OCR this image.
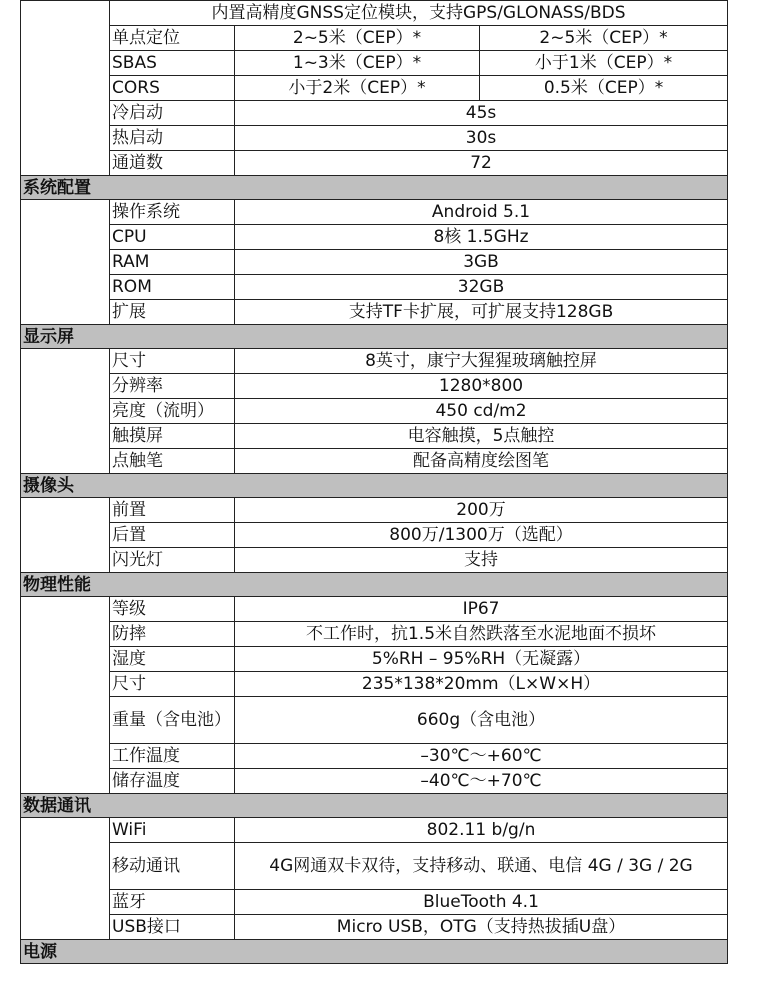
	内置高精度GNSS定位模块，支持GPS/GLONASS/BDS		
	单点定位	2~5米（CEP）*	2~5米（CEP）*
	SBAS	1~3米（CEP）*	小于1米（CEP）*
	CORS	小于2米（CEP）*	0.5米（CEP）*
	冷启动	45s	
	热启动	30s	
	通道数	72	
系统配置			
	操作系统	Android 5.1	
	CPU	8核 1.5GHz	
	RAM	3GB	
	ROM	32GB	
	扩展	支持TF卡扩展，可扩展支持128GB	
显示屏			
	尺寸	8英寸，康宁大猩猩玻璃触控屏	
	分辨率	1280*800	
	亮度（流明）	450 cd/m2	
	触摸屏	电容触摸，5点触控	
	点触笔	配备高精度绘图笔	
摄像头			
	前置	200万	
	后置	800万/1300万（选配）	
	闪光灯	支持	
物理性能			
	等级	IP67	
	防摔	不工作时，抗1.5米自然跌落至水泥地面不损坏	
	湿度	5%RH – 95%RH（无凝露）	
	尺寸	235*138*20mm（L×W×H）	
	重量（含电池）	660g（含电池）	
	工作温度	–30℃～+60℃	
	储存温度	–40℃～+70℃	
数据通讯			
	WiFi	802.11 b/g/n	
	移动通讯	4G网通双卡双待，支持移动、联通、电信 4G / 3G / 2G	
	蓝牙	BlueTooth 4.1	
	USB接口	Micro USB，OTG（支持热拔插U盘）	
电源			
